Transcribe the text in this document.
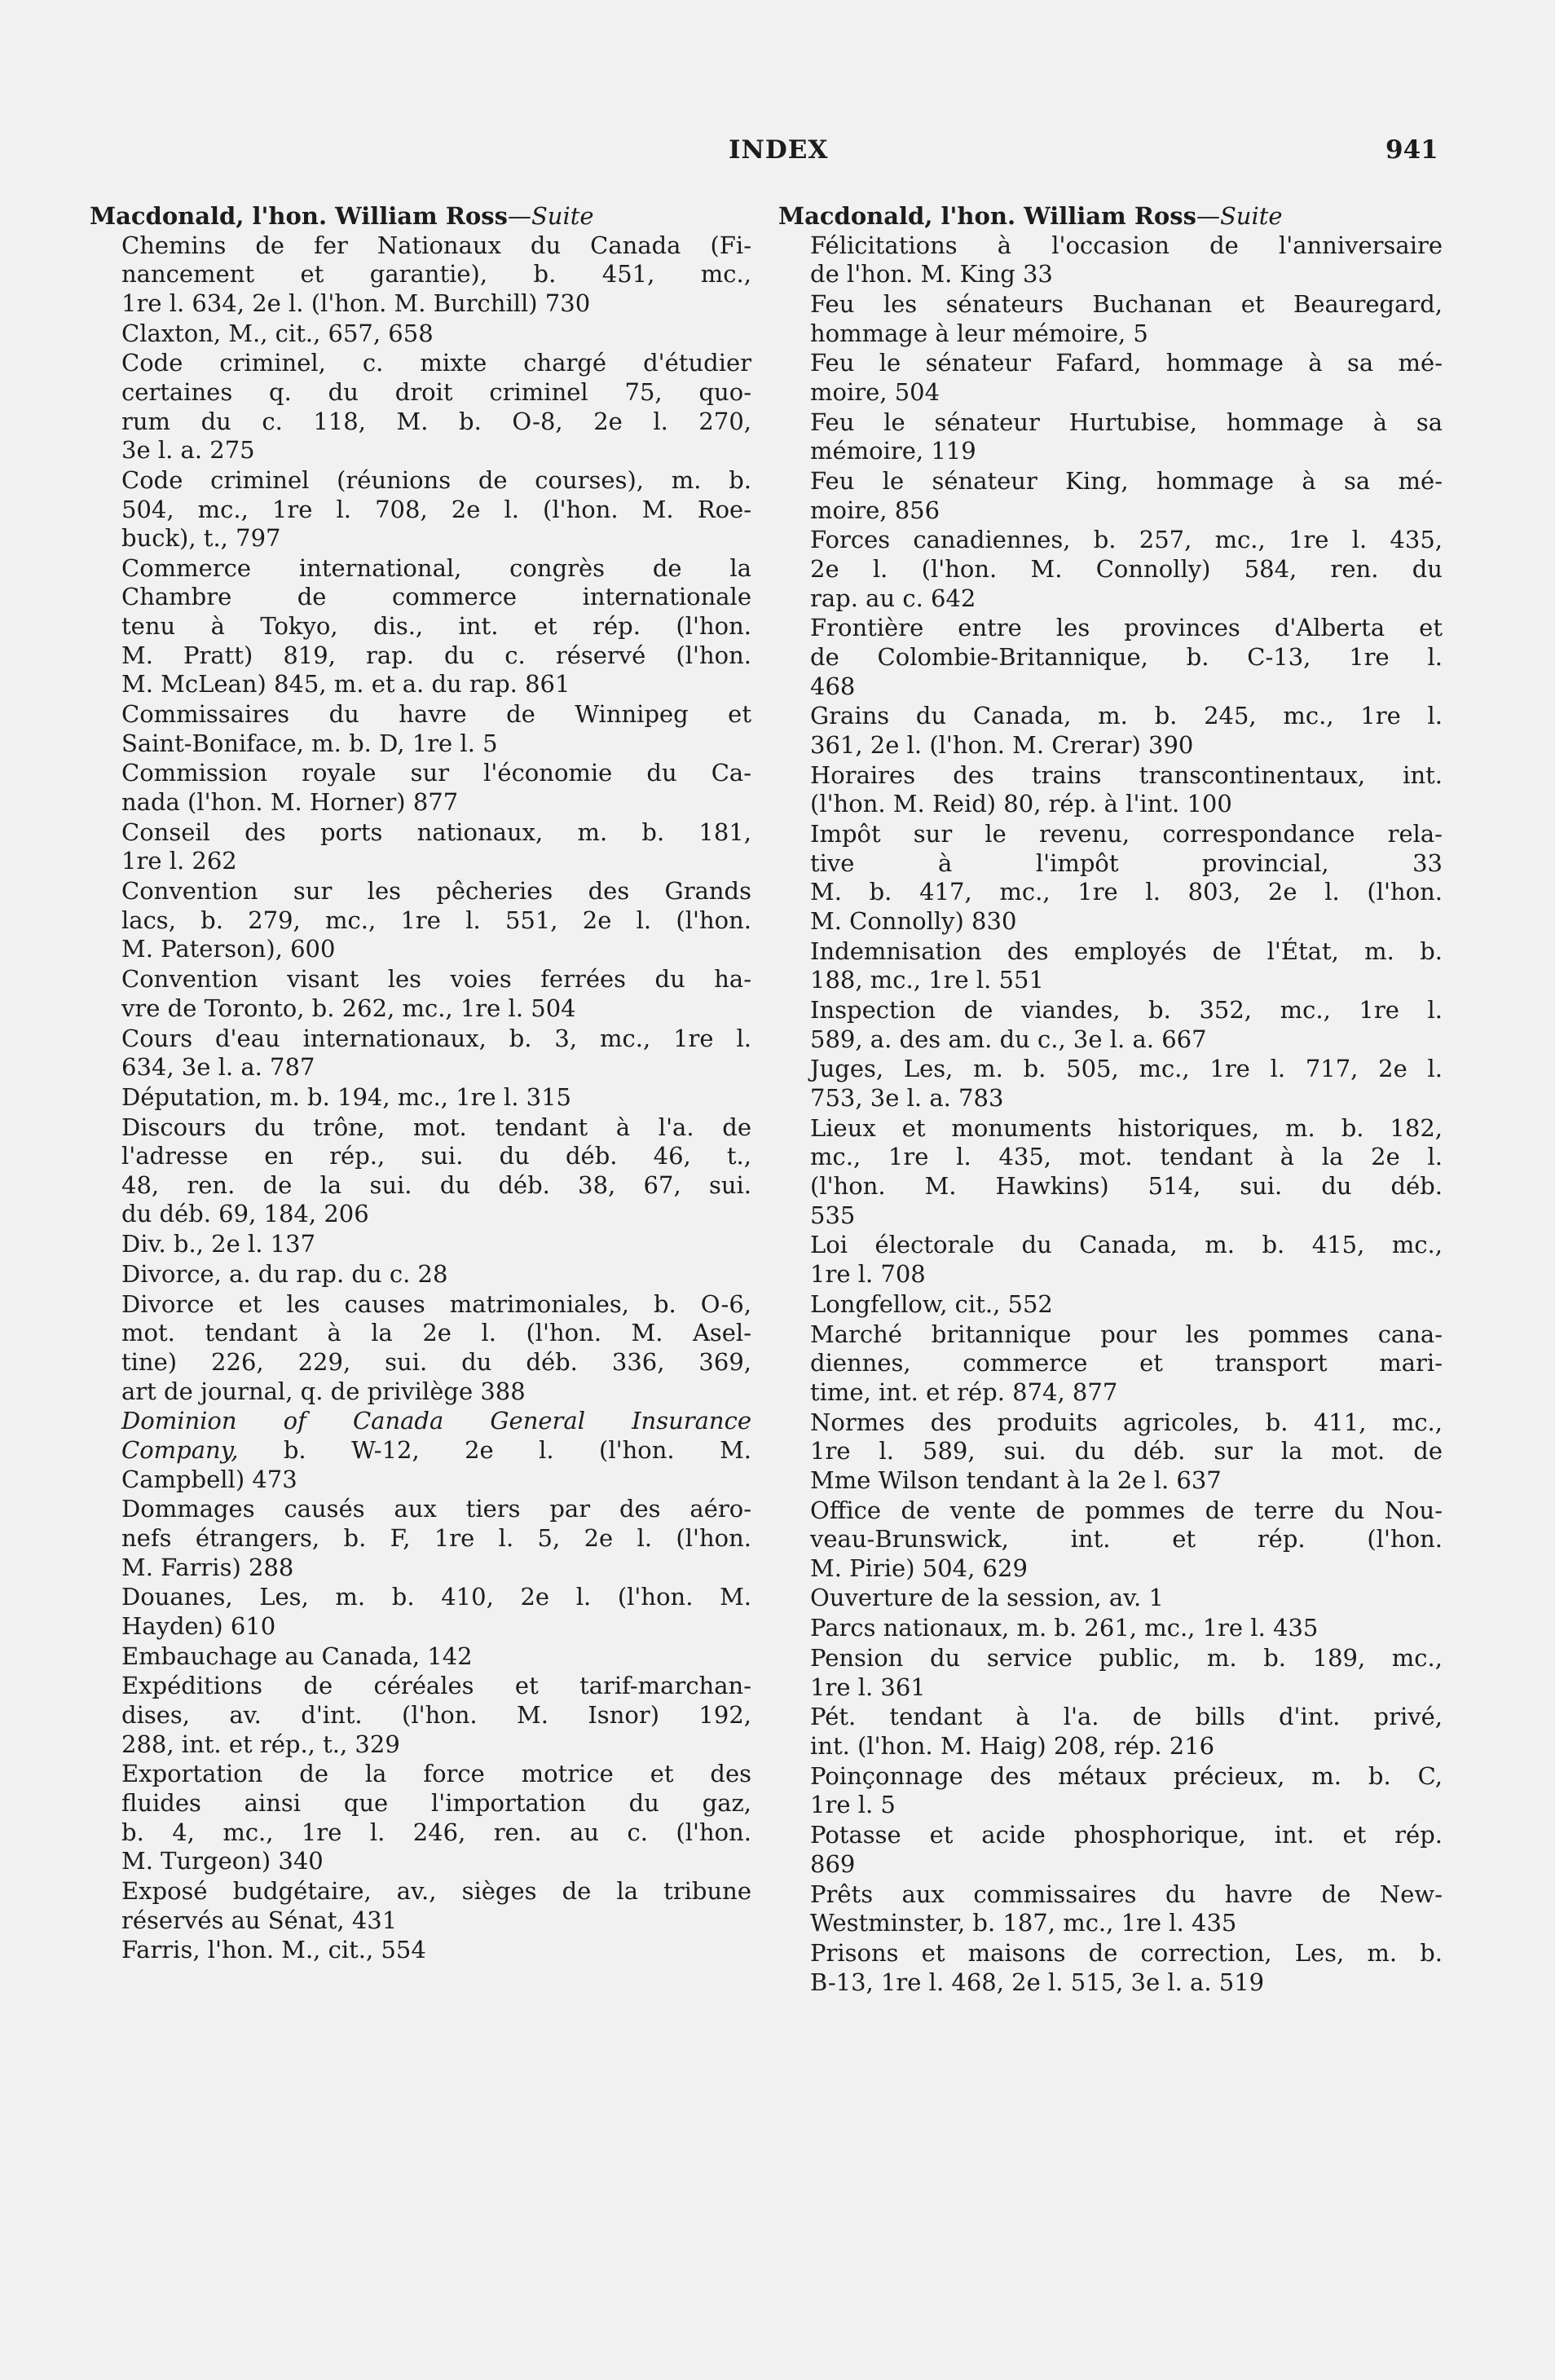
INDEX	941

Macdonald, l'hon. William Ross—Suite

Chemins de fer Nationaux du Canada (Fi-
nancement et garantie), b. 451, mc.,
1re l. 634, 2e l. (l'hon. M. Burchill) 730
Claxton, M., cit., 657, 658
Code criminel, c. mixte chargé d'étudier
certaines q. du droit criminel 75, quo-
rum du c. 118, M. b. O-8, 2e l. 270,
3e l. a. 275
Code criminel (réunions de courses), m. b.
504, mc., 1re l. 708, 2e l. (l'hon. M. Roe-
buck), t., 797
Commerce international, congrès de la
Chambre de commerce internationale
tenu à Tokyo, dis., int. et rép. (l'hon.
M. Pratt) 819, rap. du c. réservé (l'hon.
M. McLean) 845, m. et a. du rap. 861
Commissaires du havre de Winnipeg et
Saint-Boniface, m. b. D, 1re l. 5
Commission royale sur l'économie du Ca-
nada (l'hon. M. Horner) 877
Conseil des ports nationaux, m. b. 181,
1re l. 262
Convention sur les pêcheries des Grands
lacs, b. 279, mc., 1re l. 551, 2e l. (l'hon.
M. Paterson), 600
Convention visant les voies ferrées du ha-
vre de Toronto, b. 262, mc., 1re l. 504
Cours d'eau internationaux, b. 3, mc., 1re l.
634, 3e l. a. 787
Députation, m. b. 194, mc., 1re l. 315
Discours du trône, mot. tendant à l'a. de
l'adresse en rép., sui. du déb. 46, t.,
48, ren. de la sui. du déb. 38, 67, sui.
du déb. 69, 184, 206
Div. b., 2e l. 137
Divorce, a. du rap. du c. 28
Divorce et les causes matrimoniales, b. O-6,
mot. tendant à la 2e l. (l'hon. M. Asel-
tine) 226, 229, sui. du déb. 336, 369,
art de journal, q. de privilège 388
Dominion of Canada General Insurance
Company, b. W-12, 2e l. (l'hon. M.
Campbell) 473
Dommages causés aux tiers par des aéro-
nefs étrangers, b. F, 1re l. 5, 2e l. (l'hon.
M. Farris) 288
Douanes, Les, m. b. 410, 2e l. (l'hon. M.
Hayden) 610
Embauchage au Canada, 142
Expéditions de céréales et tarif-marchan-
dises, av. d'int. (l'hon. M. Isnor) 192,
288, int. et rép., t., 329
Exportation de la force motrice et des
fluides ainsi que l'importation du gaz,
b. 4, mc., 1re l. 246, ren. au c. (l'hon.
M. Turgeon) 340
Exposé budgétaire, av., sièges de la tribune
réservés au Sénat, 431
Farris, l'hon. M., cit., 554

Macdonald, l'hon. William Ross—Suite

Félicitations à l'occasion de l'anniversaire
de l'hon. M. King 33
Feu les sénateurs Buchanan et Beauregard,
hommage à leur mémoire, 5
Feu le sénateur Fafard, hommage à sa mé-
moire, 504
Feu le sénateur Hurtubise, hommage à sa
mémoire, 119
Feu le sénateur King, hommage à sa mé-
moire, 856
Forces canadiennes, b. 257, mc., 1re l. 435,
2e l. (l'hon. M. Connolly) 584, ren. du
rap. au c. 642
Frontière entre les provinces d'Alberta et
de Colombie-Britannique, b. C-13, 1re l.
468
Grains du Canada, m. b. 245, mc., 1re l.
361, 2e l. (l'hon. M. Crerar) 390
Horaires des trains transcontinentaux, int.
(l'hon. M. Reid) 80, rép. à l'int. 100
Impôt sur le revenu, correspondance rela-
tive à l'impôt provincial, 33
M. b. 417, mc., 1re l. 803, 2e l. (l'hon.
M. Connolly) 830
Indemnisation des employés de l'État, m. b.
188, mc., 1re l. 551
Inspection de viandes, b. 352, mc., 1re l.
589, a. des am. du c., 3e l. a. 667
Juges, Les, m. b. 505, mc., 1re l. 717, 2e l.
753, 3e l. a. 783
Lieux et monuments historiques, m. b. 182,
mc., 1re l. 435, mot. tendant à la 2e l.
(l'hon. M. Hawkins) 514, sui. du déb.
535
Loi électorale du Canada, m. b. 415, mc.,
1re l. 708
Longfellow, cit., 552
Marché britannique pour les pommes cana-
diennes, commerce et transport mari-
time, int. et rép. 874, 877
Normes des produits agricoles, b. 411, mc.,
1re l. 589, sui. du déb. sur la mot. de
Mme Wilson tendant à la 2e l. 637
Office de vente de pommes de terre du Nou-
veau-Brunswick, int. et rép. (l'hon.
M. Pirie) 504, 629
Ouverture de la session, av. 1
Parcs nationaux, m. b. 261, mc., 1re l. 435
Pension du service public, m. b. 189, mc.,
1re l. 361
Pét. tendant à l'a. de bills d'int. privé,
int. (l'hon. M. Haig) 208, rép. 216
Poinçonnage des métaux précieux, m. b. C,
1re l. 5
Potasse et acide phosphorique, int. et rép.
869
Prêts aux commissaires du havre de New-
Westminster, b. 187, mc., 1re l. 435
Prisons et maisons de correction, Les, m. b.
B-13, 1re l. 468, 2e l. 515, 3e l. a. 519
